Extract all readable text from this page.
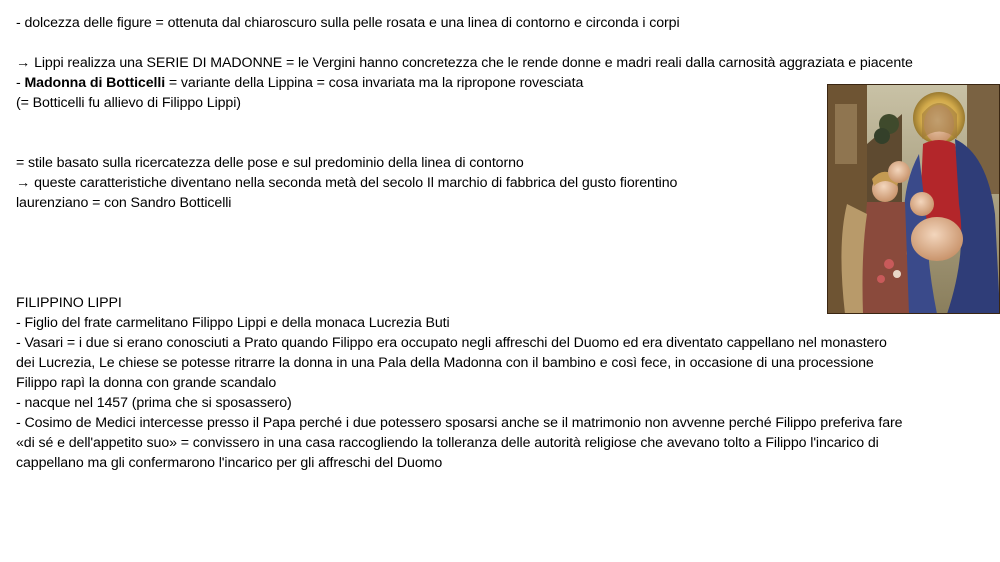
- dolcezza delle figure = ottenuta dal chiaroscuro sulla pelle rosata e una linea di contorno e circonda i corpi
→ Lippi realizza una SERIE DI MADONNE = le Vergini hanno concretezza che le rende donne e madri reali dalla carnosità aggraziata e piacente
- Madonna di Botticelli = variante della Lippina = cosa invariata ma la ripropone rovesciata
(= Botticelli fu allievo di Filippo Lippi)
= stile basato sulla ricercatezza delle pose e sul predominio della linea di contorno
→ queste caratteristiche diventano nella seconda metà del secolo Il marchio di fabbrica del gusto fiorentino
laurenziano = con Sandro Botticelli
FILIPPINO LIPPI
- Figlio del frate carmelitano Filippo Lippi e della monaca Lucrezia Buti
- Vasari = i due si erano conosciuti a Prato quando Filippo era occupato negli affreschi del Duomo ed era diventato cappellano nel monastero
dei Lucrezia, Le chiese se potesse ritrarre la donna in una Pala della Madonna con il bambino e così fece, in occasione di una processione
Filippo rapì la donna con grande scandalo
- nacque nel 1457 (prima che si sposassero)
- Cosimo de Medici intercesse presso il Papa perché i due potessero sposarsi anche se il matrimonio non avvenne perché Filippo preferiva fare
«di sé e dell'appetito suo» = convissero in una casa raccogliendo la tolleranza delle autorità religiose che avevano tolto a Filippo l'incarico di
cappellano ma gli confermarono l'incarico per gli affreschi del Duomo
